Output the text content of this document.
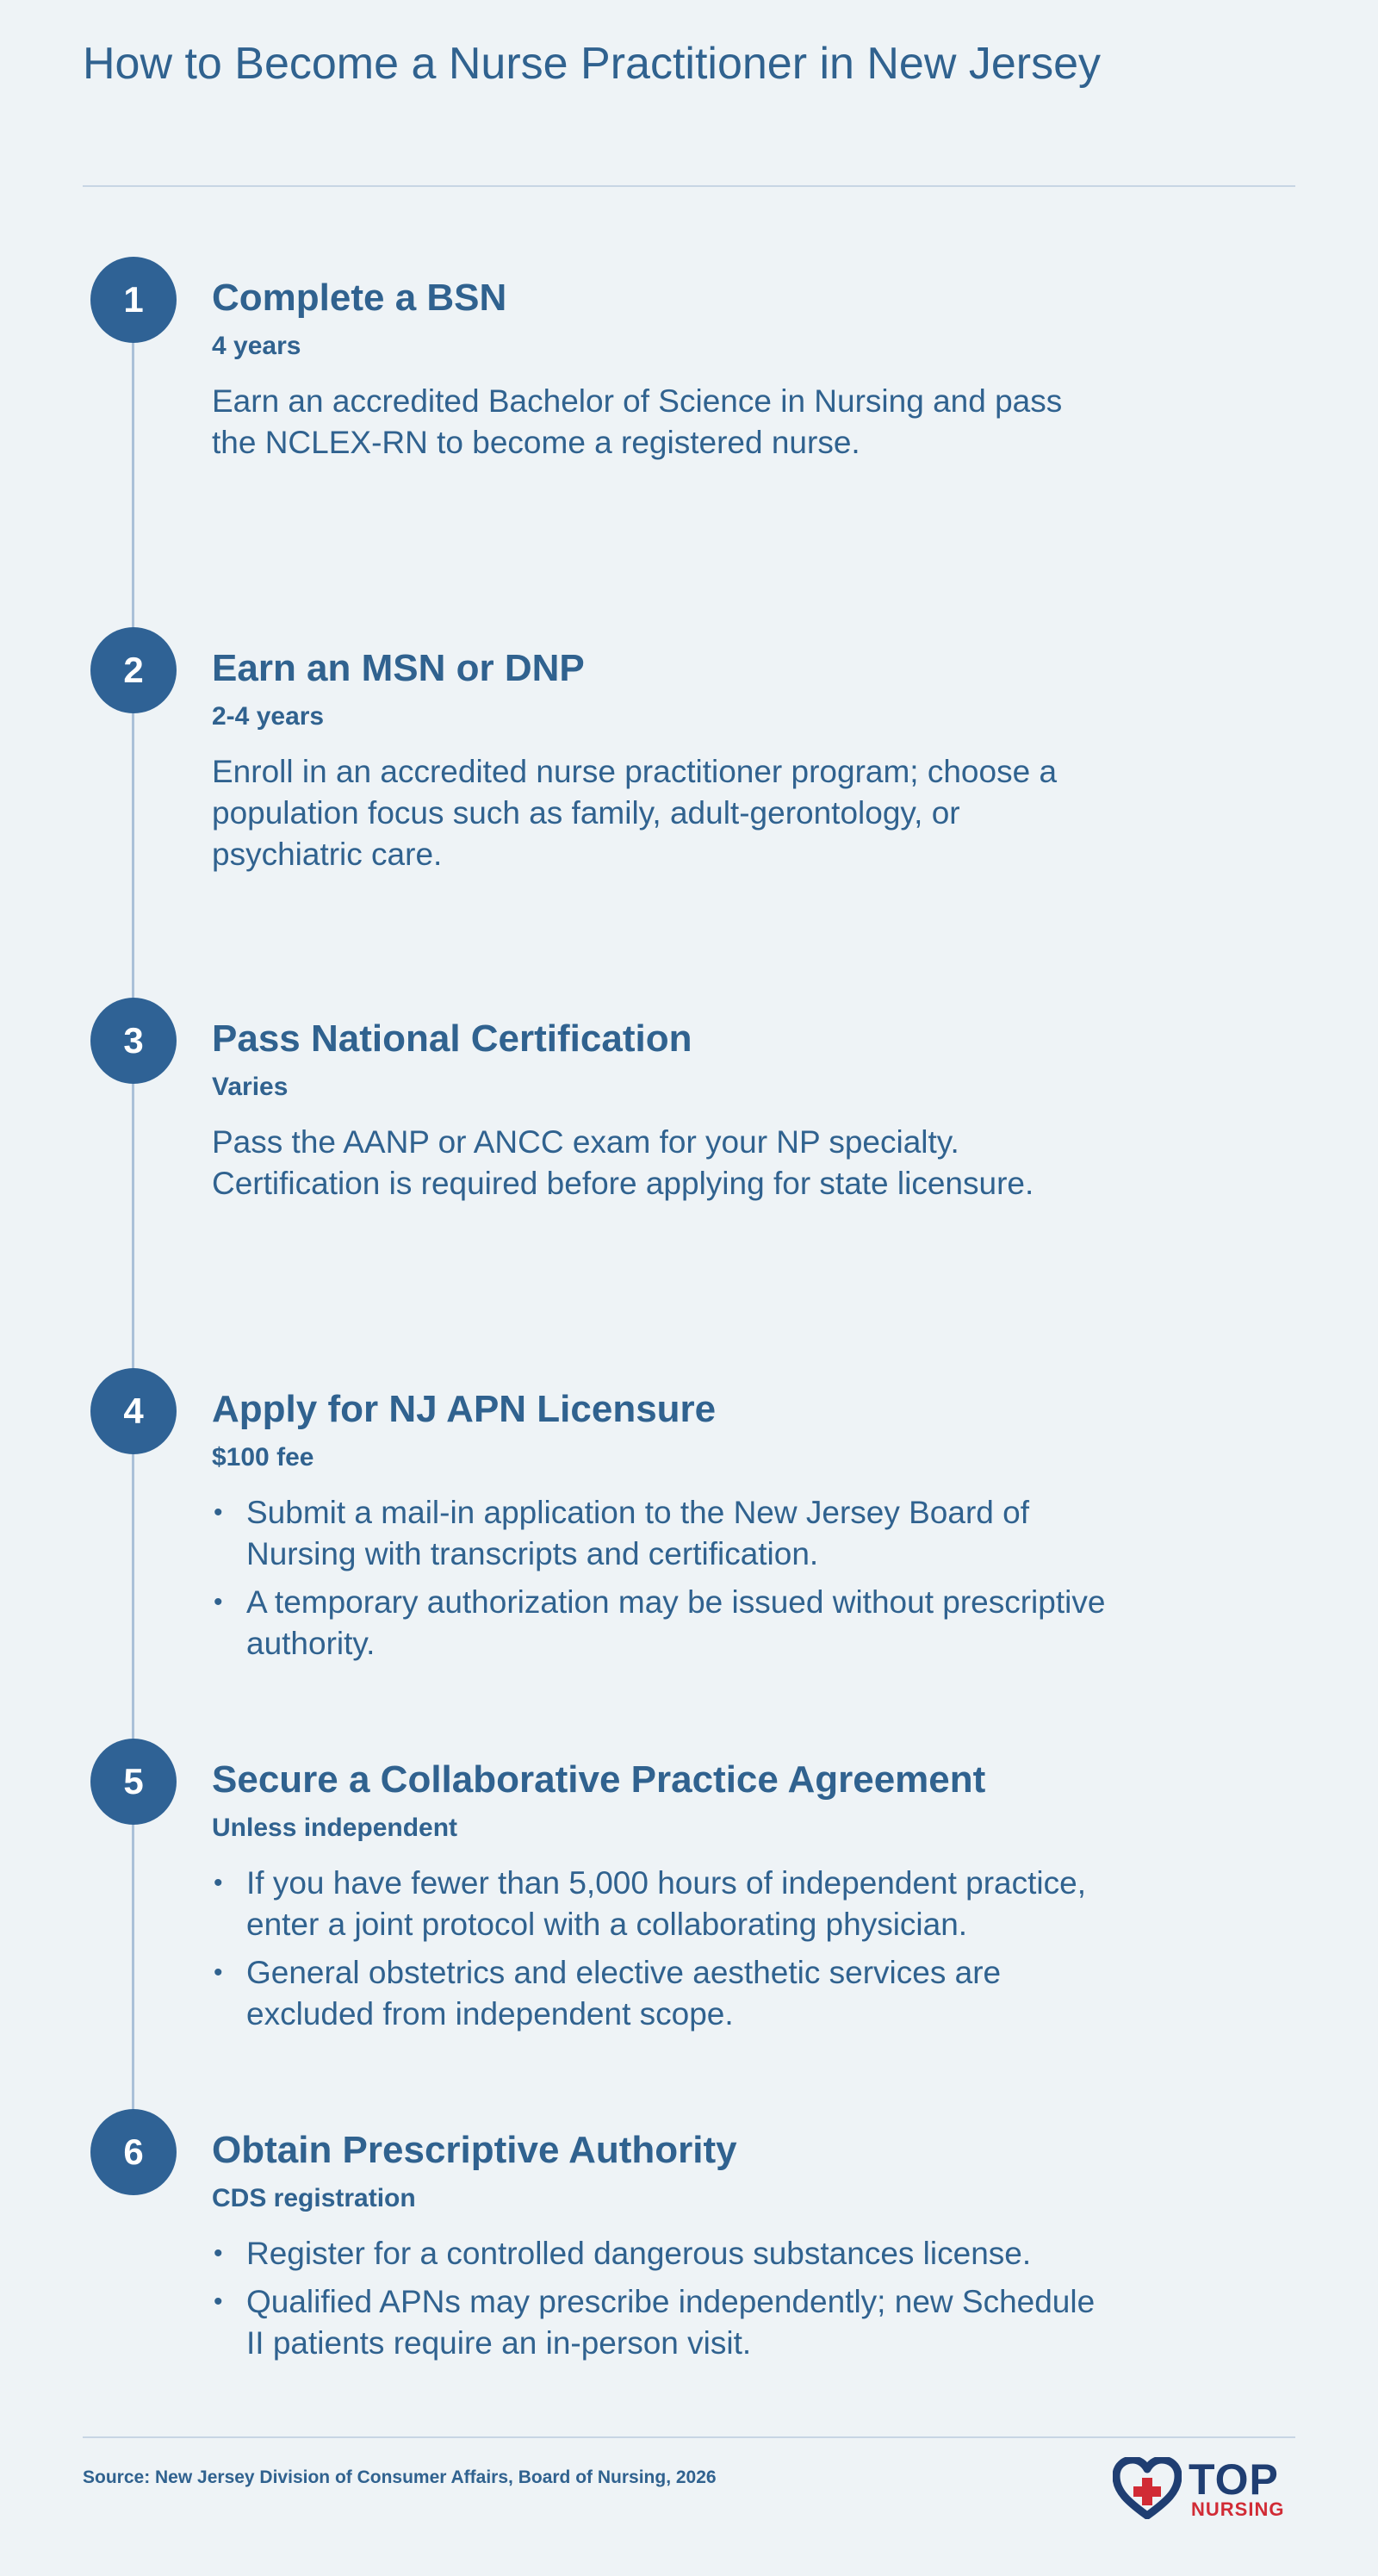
How to Become a Nurse Practitioner in New Jersey
1	Complete a BSN
4 years
Earn an accredited Bachelor of Science in Nursing and pass the NCLEX-RN to become a registered nurse.
2	Earn an MSN or DNP
2-4 years
Enroll in an accredited nurse practitioner program; choose a population focus such as family, adult-gerontology, or psychiatric care.
3	Pass National Certification
Varies
Pass the AANP or ANCC exam for your NP specialty. Certification is required before applying for state licensure.
4	Apply for NJ APN Licensure
$100 fee
• Submit a mail-in application to the New Jersey Board of Nursing with transcripts and certification.
• A temporary authorization may be issued without prescriptive authority.
5	Secure a Collaborative Practice Agreement
Unless independent
• If you have fewer than 5,000 hours of independent practice, enter a joint protocol with a collaborating physician.
• General obstetrics and elective aesthetic services are excluded from independent scope.
6	Obtain Prescriptive Authority
CDS registration
• Register for a controlled dangerous substances license.
• Qualified APNs may prescribe independently; new Schedule II patients require an in-person visit.
Source: New Jersey Division of Consumer Affairs, Board of Nursing, 2026	TOP
NURSING
